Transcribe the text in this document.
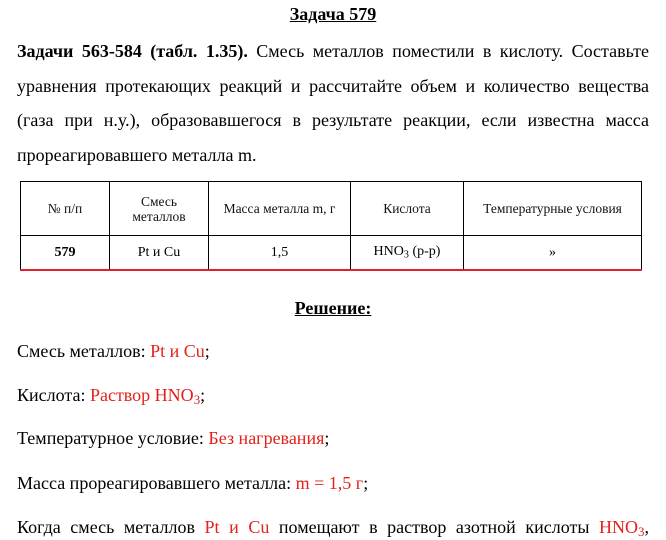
Задача 579
Задачи 563-584 (табл. 1.35). Смесь металлов поместили в кислоту. Составьте уравнения протекающих реакций и рассчитайте объем и количество вещества (газа при н.у.), образовавшегося в результате реакции, если известна масса прореагировавшего металла m.
№ п/п	Смесь металлов	Масса металла m, г	Кислота	Температурные условия
579	Pt и Cu	1,5	$HNO_3$ (р-р)	»
Решение:
Смесь металлов: Pt и Cu;
Кислота: Раствор $HNO_3$;
Температурное условие: Без нагревания;
Масса прореагировавшего металла: m = 1,5 г;
Когда смесь металлов Pt и Cu помещают в раствор азотной кислоты $HNO_3$,
